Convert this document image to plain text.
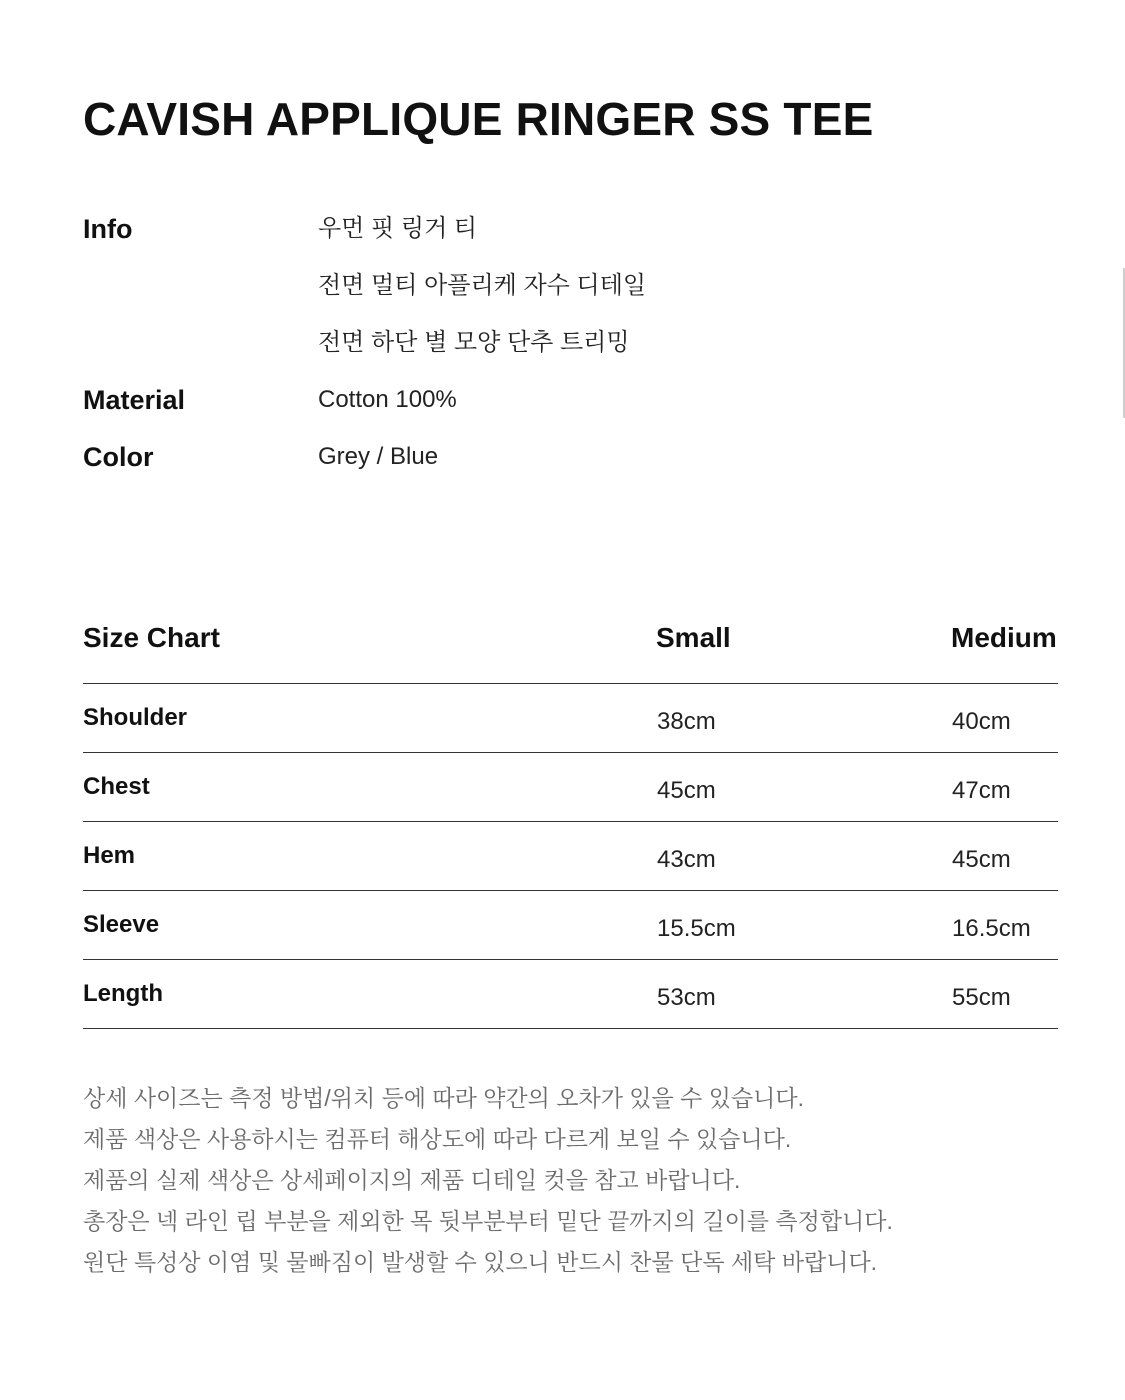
CAVISH APPLIQUE RINGER SS TEE
Info	우먼 핏 링거 티
전면 멀티 아플리케 자수 디테일
전면 하단 별 모양 단추 트리밍
Material	Cotton 100%
Color	Grey / Blue
Size Chart	Small	Medium
Shoulder	38cm	40cm
Chest	45cm	47cm
Hem	43cm	45cm
Sleeve	15.5cm	16.5cm
Length	53cm	55cm
상세 사이즈는 측정 방법/위치 등에 따라 약간의 오차가 있을 수 있습니다.
제품 색상은 사용하시는 컴퓨터 해상도에 따라 다르게 보일 수 있습니다.
제품의 실제 색상은 상세페이지의 제품 디테일 컷을 참고 바랍니다.
총장은 넥 라인 립 부분을 제외한 목 뒷부분부터 밑단 끝까지의 길이를 측정합니다.
원단 특성상 이염 및 물빠짐이 발생할 수 있으니 반드시 찬물 단독 세탁 바랍니다.
